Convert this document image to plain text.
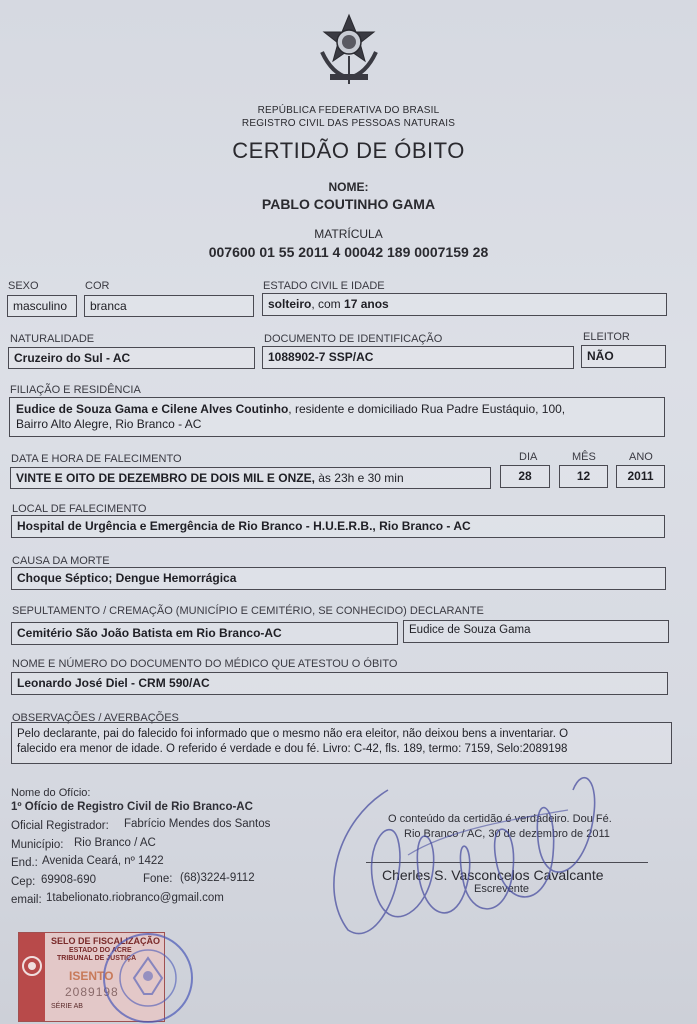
REPÚBLICA FEDERATIVA DO BRASIL
REGISTRO CIVIL DAS PESSOAS NATURAIS
CERTIDÃO DE ÓBITO
NOME:
PABLO COUTINHO GAMA
MATRÍCULA
007600 01 55 2011 4 00042 189 0007159 28
SEXO
masculino
COR
branca
ESTADO CIVIL E IDADE
solteiro, com 17 anos
NATURALIDADE
Cruzeiro do Sul - AC
DOCUMENTO DE IDENTIFICAÇÃO
1088902-7 SSP/AC
ELEITOR
NÃO
FILIAÇÃO E RESIDÊNCIA
Eudice de Souza Gama e Cilene Alves Coutinho, residente e domiciliado Rua Padre Eustáquio, 100,
Bairro Alto Alegre, Rio Branco - AC
DATA E HORA DE FALECIMENTO
VINTE E OITO DE DEZEMBRO DE DOIS MIL E ONZE, às 23h e 30 min
DIA
28
MÊS
12
ANO
2011
LOCAL DE FALECIMENTO
Hospital de Urgência e Emergência de Rio Branco - H.U.E.R.B., Rio Branco - AC
CAUSA DA MORTE
Choque Séptico; Dengue Hemorrágica
SEPULTAMENTO / CREMAÇÃO (MUNICÍPIO E CEMITÉRIO, SE CONHECIDO) DECLARANTE
Cemitério São João Batista em Rio Branco-AC	Eudice de Souza Gama
NOME E NÚMERO DO DOCUMENTO DO MÉDICO QUE ATESTOU O ÓBITO
Leonardo José Diel - CRM 590/AC
OBSERVAÇÕES / AVERBAÇÕES
Pelo declarante, pai do falecido foi informado que o mesmo não era eleitor, não deixou bens a inventariar. O
falecido era menor de idade. O referido é verdade e dou fé. Livro: C-42, fls. 189, termo: 7159, Selo:2089198
Nome do Ofício:
1º Ofício de Registro Civil de Rio Branco-AC
Oficial Registrador: Fabrício Mendes dos Santos
Município: Rio Branco / AC
End.: Avenida Ceará, nº 1422
Cep: 69908-690	Fone: (68)3224-9112
email: 1tabelionato.riobranco@gmail.com
O conteúdo da certidão é verdadeiro. Dou Fé.
Rio Branco / AC, 30 de dezembro de 2011
Cherles S. Vasconcelos Cavalcante
Escrevente
SELO DE FISCALIZAÇÃO
ESTADO DO ACRE
TRIBUNAL DE JUSTIÇA
ISENTO
2089198
SÉRIE AB
